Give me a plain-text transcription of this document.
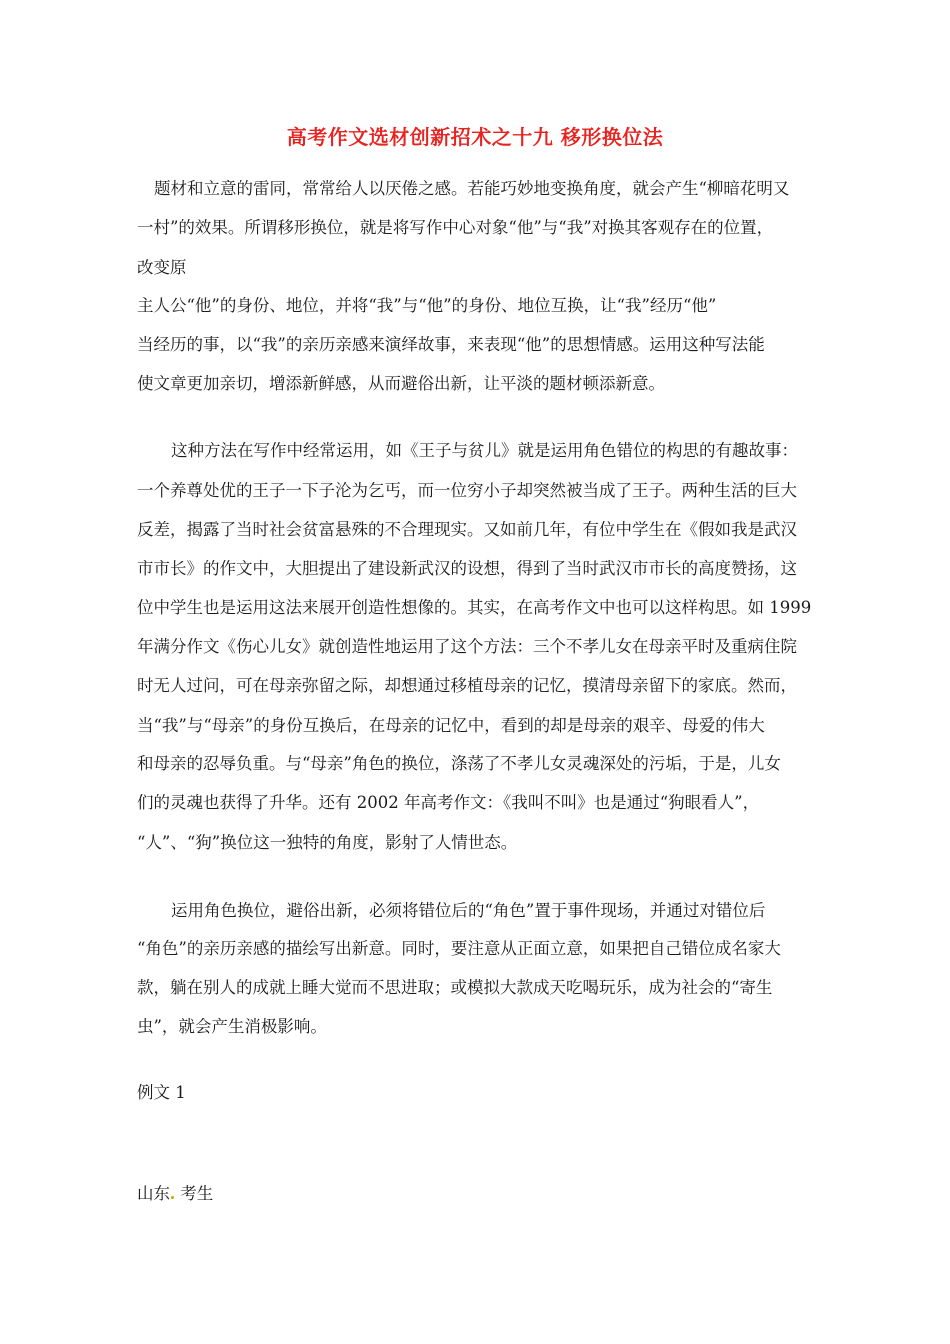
高考作文选材创新招术之十九 移形换位法
题材和立意的雷同，常常给人以厌倦之感。若能巧妙地变换角度，就会产生“柳暗花明又
一村”的效果。所谓移形换位，就是将写作中心对象“他”与“我”对换其客观存在的位置，
改变原
主人公“他”的身份、地位，并将“我”与“他”的身份、地位互换，让“我”经历“他”
当经历的事，以“我”的亲历亲感来演绎故事，来表现“他”的思想情感。运用这种写法能
使文章更加亲切，增添新鲜感，从而避俗出新，让平淡的题材顿添新意。
这种方法在写作中经常运用，如《王子与贫儿》就是运用角色错位的构思的有趣故事：
一个养尊处优的王子一下子沦为乞丐，而一位穷小子却突然被当成了王子。两种生活的巨大
反差，揭露了当时社会贫富悬殊的不合理现实。又如前几年，有位中学生在《假如我是武汉
市市长》的作文中，大胆提出了建设新武汉的设想，得到了当时武汉市市长的高度赞扬，这
位中学生也是运用这法来展开创造性想像的。其实，在高考作文中也可以这样构思。如 1999
年满分作文《伤心儿女》就创造性地运用了这个方法：三个不孝儿女在母亲平时及重病住院
时无人过问，可在母亲弥留之际，却想通过移植母亲的记忆，摸清母亲留下的家底。然而，
当“我”与“母亲”的身份互换后，在母亲的记忆中，看到的却是母亲的艰辛、母爱的伟大
和母亲的忍辱负重。与“母亲”角色的换位，涤荡了不孝儿女灵魂深处的污垢，于是，儿女
们的灵魂也获得了升华。还有 2002 年高考作文：《我叫不叫》也是通过“狗眼看人”，
“人”、“狗”换位这一独特的角度，影射了人情世态。
运用角色换位，避俗出新，必须将错位后的“角色”置于事件现场，并通过对错位后
“角色”的亲历亲感的描绘写出新意。同时，要注意从正面立意，如果把自己错位成名家大
款，躺在别人的成就上睡大觉而不思进取；或模拟大款成天吃喝玩乐，成为社会的“寄生
虫”，就会产生消极影响。
例文 1
山东 考生
